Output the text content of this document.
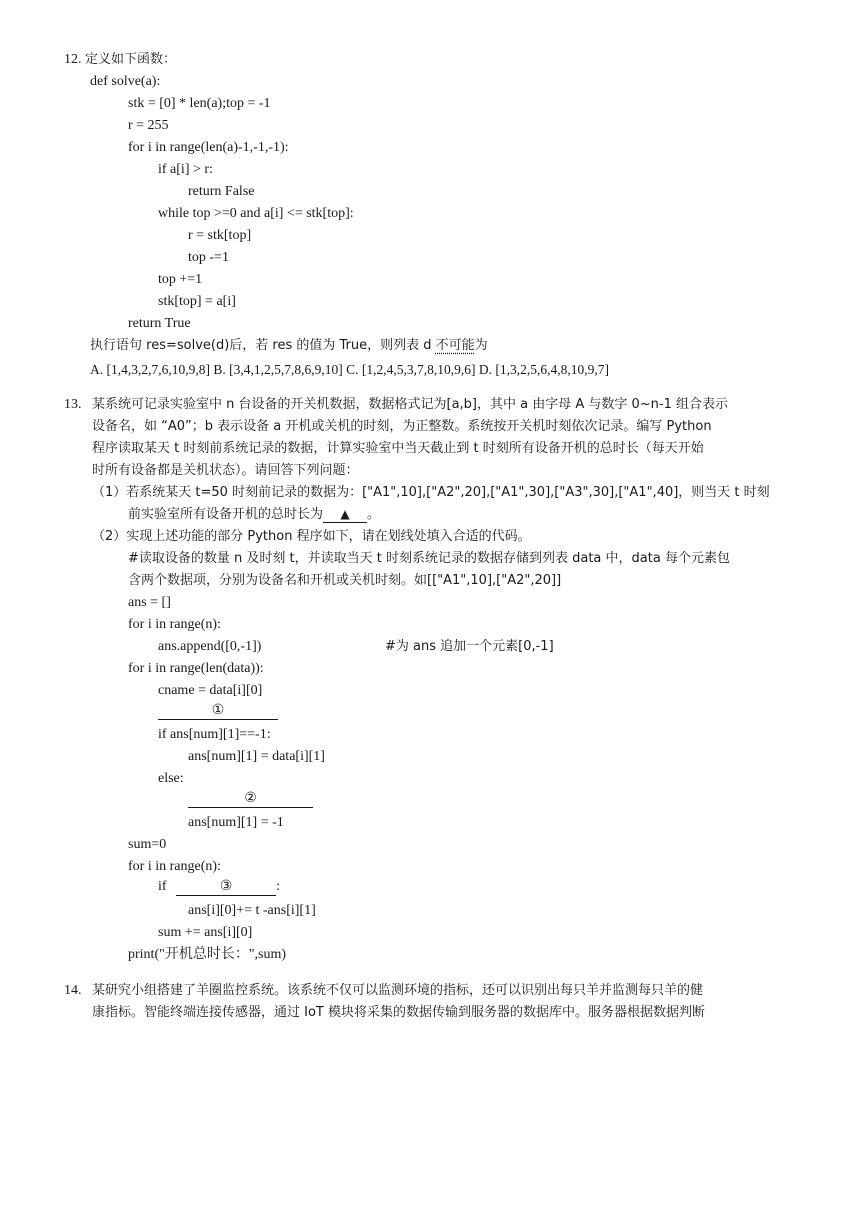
12. 定义如下函数：
def solve(a):
stk = [0] * len(a);top = -1
r = 255
for i in range(len(a)-1,-1,-1):
if a[i] > r:
return False
while top >=0 and a[i] <= stk[top]:
r = stk[top]
top -=1
top +=1
stk[top] = a[i]
return True
执行语句 res=solve(d)后，若 res 的值为 True，则列表 d 不可能为
A. [1,4,3,2,7,6,10,9,8] B. [3,4,1,2,5,7,8,6,9,10] C. [1,2,4,5,3,7,8,10,9,6] D. [1,3,2,5,6,4,8,10,9,7]
13. 某系统可记录实验室中 n 台设备的开关机数据，数据格式记为[a,b]，其中 a 由字母 A 与数字 0~n-1 组合表示
设备名，如 “A0”；b 表示设备 a 开机或关机的时刻，为正整数。系统按开关机时刻依次记录。编写 Python
程序读取某天 t 时刻前系统记录的数据，计算实验室中当天截止到 t 时刻所有设备开机的总时长（每天开始
时所有设备都是关机状态）。请回答下列问题：
（1）若系统某天 t=50 时刻前记录的数据为：["A1",10],["A2",20],["A1",30],["A3",30],["A1",40]，则当天 t 时刻
前实验室所有设备开机的总时长为 ▲ 。
（2）实现上述功能的部分 Python 程序如下，请在划线处填入合适的代码。
#读取设备的数量 n 及时刻 t，并读取当天 t 时刻系统记录的数据存储到列表 data 中，data 每个元素包
含两个数据项，分别为设备名和开机或关机时刻。如[["A1",10],["A2",20]]
ans = []
for i in range(n):
ans.append([0,-1])	#为 ans 追加一个元素[0,-1]
for i in range(len(data)):
cname = data[i][0]
①
if ans[num][1]==-1:
ans[num][1] = data[i][1]
else:
②
ans[num][1] = -1
sum=0
for i in range(n):
if	③	:
ans[i][0]+= t -ans[i][1]
sum += ans[i][0]
print("开机总时长：",sum)
14. 某研究小组搭建了羊圈监控系统。该系统不仅可以监测环境的指标，还可以识别出每只羊并监测每只羊的健
康指标。智能终端连接传感器，通过 IoT 模块将采集的数据传输到服务器的数据库中。服务器根据数据判断
